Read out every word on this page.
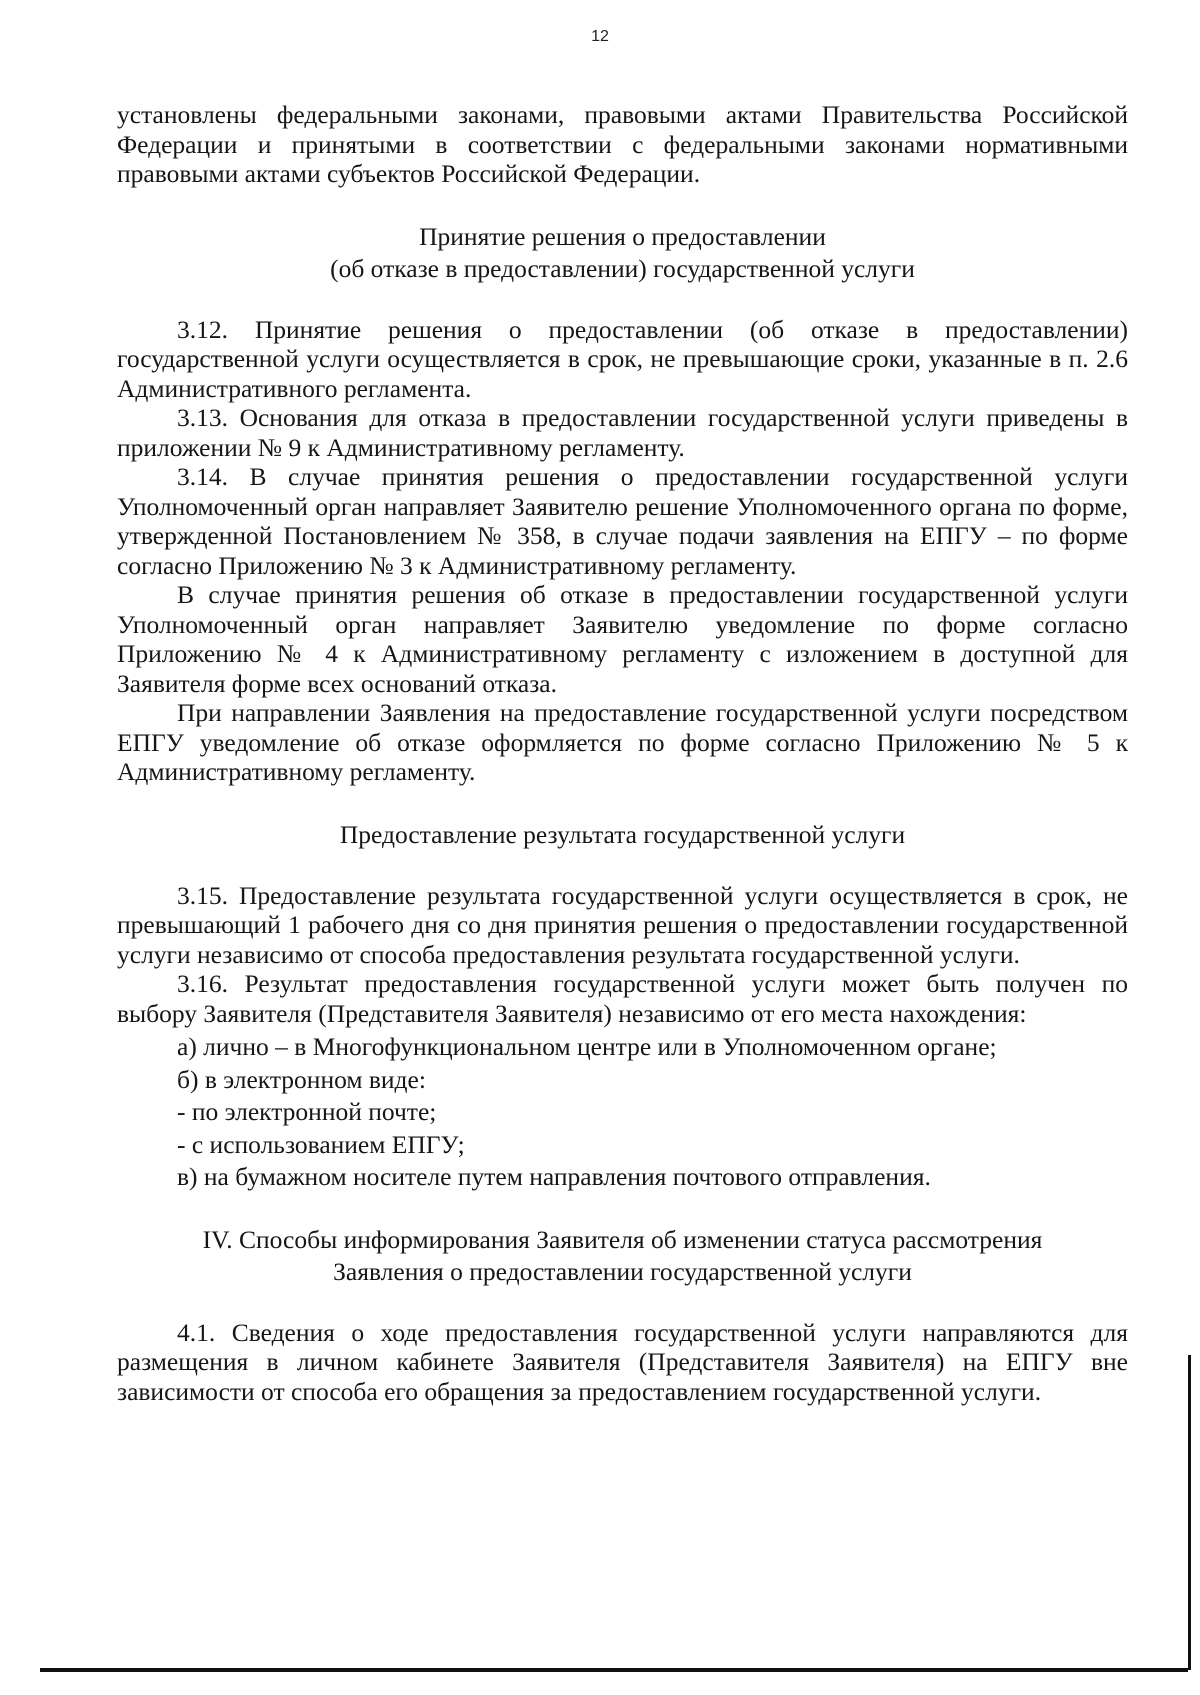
12

установлены федеральными законами, правовыми актами Правительства Российской Федерации и принятыми в соответствии с федеральными законами нормативными правовыми актами субъектов Российской Федерации.

Принятие решения о предоставлении

(об отказе в предоставлении) государственной услуги

3.12. Принятие решения о предоставлении (об отказе в предоставлении) государственной услуги осуществляется в срок, не превышающие сроки, указанные в п. 2.6 Административного регламента.

3.13. Основания для отказа в предоставлении государственной услуги приведены в приложении № 9 к Административному регламенту.

3.14. В случае принятия решения о предоставлении государственной услуги Уполномоченный орган направляет Заявителю решение Уполномоченного органа по форме, утвержденной Постановлением № 358, в случае подачи заявления на ЕПГУ – по форме согласно Приложению № 3 к Административному регламенту.

В случае принятия решения об отказе в предоставлении государственной услуги Уполномоченный орган направляет Заявителю уведомление по форме согласно Приложению № 4 к Административному регламенту с изложением в доступной для Заявителя форме всех оснований отказа.

При направлении Заявления на предоставление государственной услуги посредством ЕПГУ уведомление об отказе оформляется по форме согласно Приложению № 5 к Административному регламенту.

Предоставление результата государственной услуги

3.15. Предоставление результата государственной услуги осуществляется в срок, не превышающий 1 рабочего дня со дня принятия решения о предоставлении государственной услуги независимо от способа предоставления результата государственной услуги.

3.16. Результат предоставления государственной услуги может быть получен по выбору Заявителя (Представителя Заявителя) независимо от его места нахождения:

а) лично – в Многофункциональном центре или в Уполномоченном органе;

б) в электронном виде:

- по электронной почте;

- с использованием ЕПГУ;

в) на бумажном носителе путем направления почтового отправления.

IV. Способы информирования Заявителя об изменении статуса рассмотрения

Заявления о предоставлении государственной услуги

4.1. Сведения о ходе предоставления государственной услуги направляются для размещения в личном кабинете Заявителя (Представителя Заявителя) на ЕПГУ вне зависимости от способа его обращения за предоставлением государственной услуги.
